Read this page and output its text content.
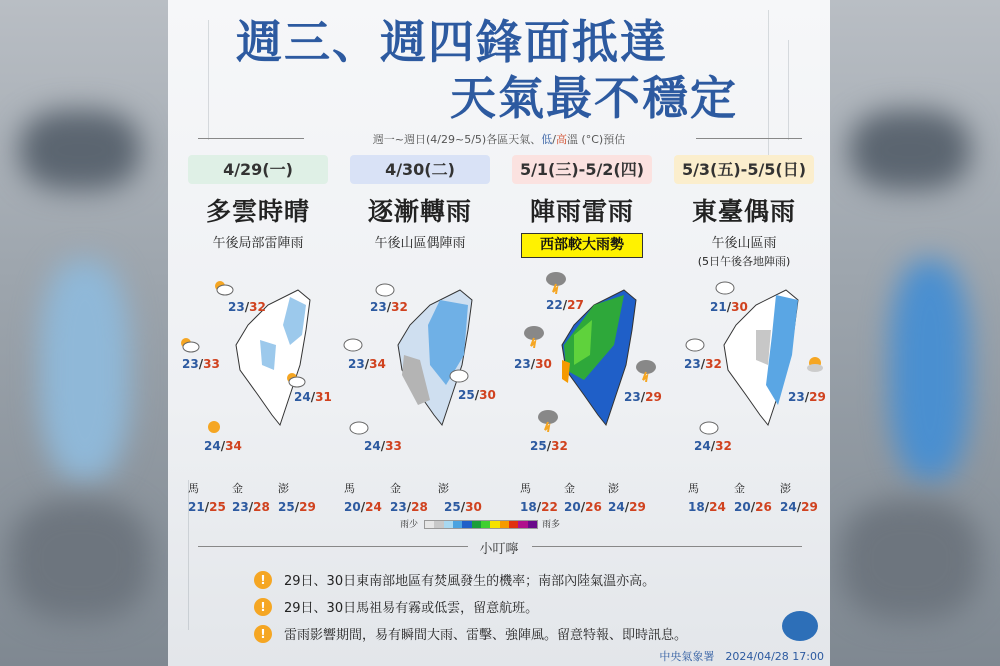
週三、週四鋒面抵達
天氣最不穩定
週一~週日(4/29~5/5)各區天氣、低/高溫 (°C)預估
4/29(一)
多雲時晴
午後局部雷陣雨
4/30(二)
逐漸轉雨
午後山區偶陣雨
5/1(三)-5/2(四)
陣雨雷雨
西部較大雨勢
5/3(五)-5/5(日)
東臺偶雨
午後山區雨
(5日午後各地陣雨)
23/32
23/33
24/31
24/34
23/32
23/34
25/30
24/33
22/27
23/30
23/29
25/32
21/30
23/32
23/29
24/32
馬
21/25
金
23/28
澎
25/29
馬
20/24
金
23/28
澎
25/30
馬
18/22
金
20/26
澎
24/29
馬
18/24
金
20/26
澎
24/29
雨少	雨多
小叮嚀
!	29日、30日東南部地區有焚風發生的機率；南部內陸氣溫亦高。
!	29日、30日馬祖易有霧或低雲，留意航班。
!	雷雨影響期間，易有瞬間大雨、雷擊、強陣風。留意特報、即時訊息。
中央氣象署　2024/04/28 17:00
